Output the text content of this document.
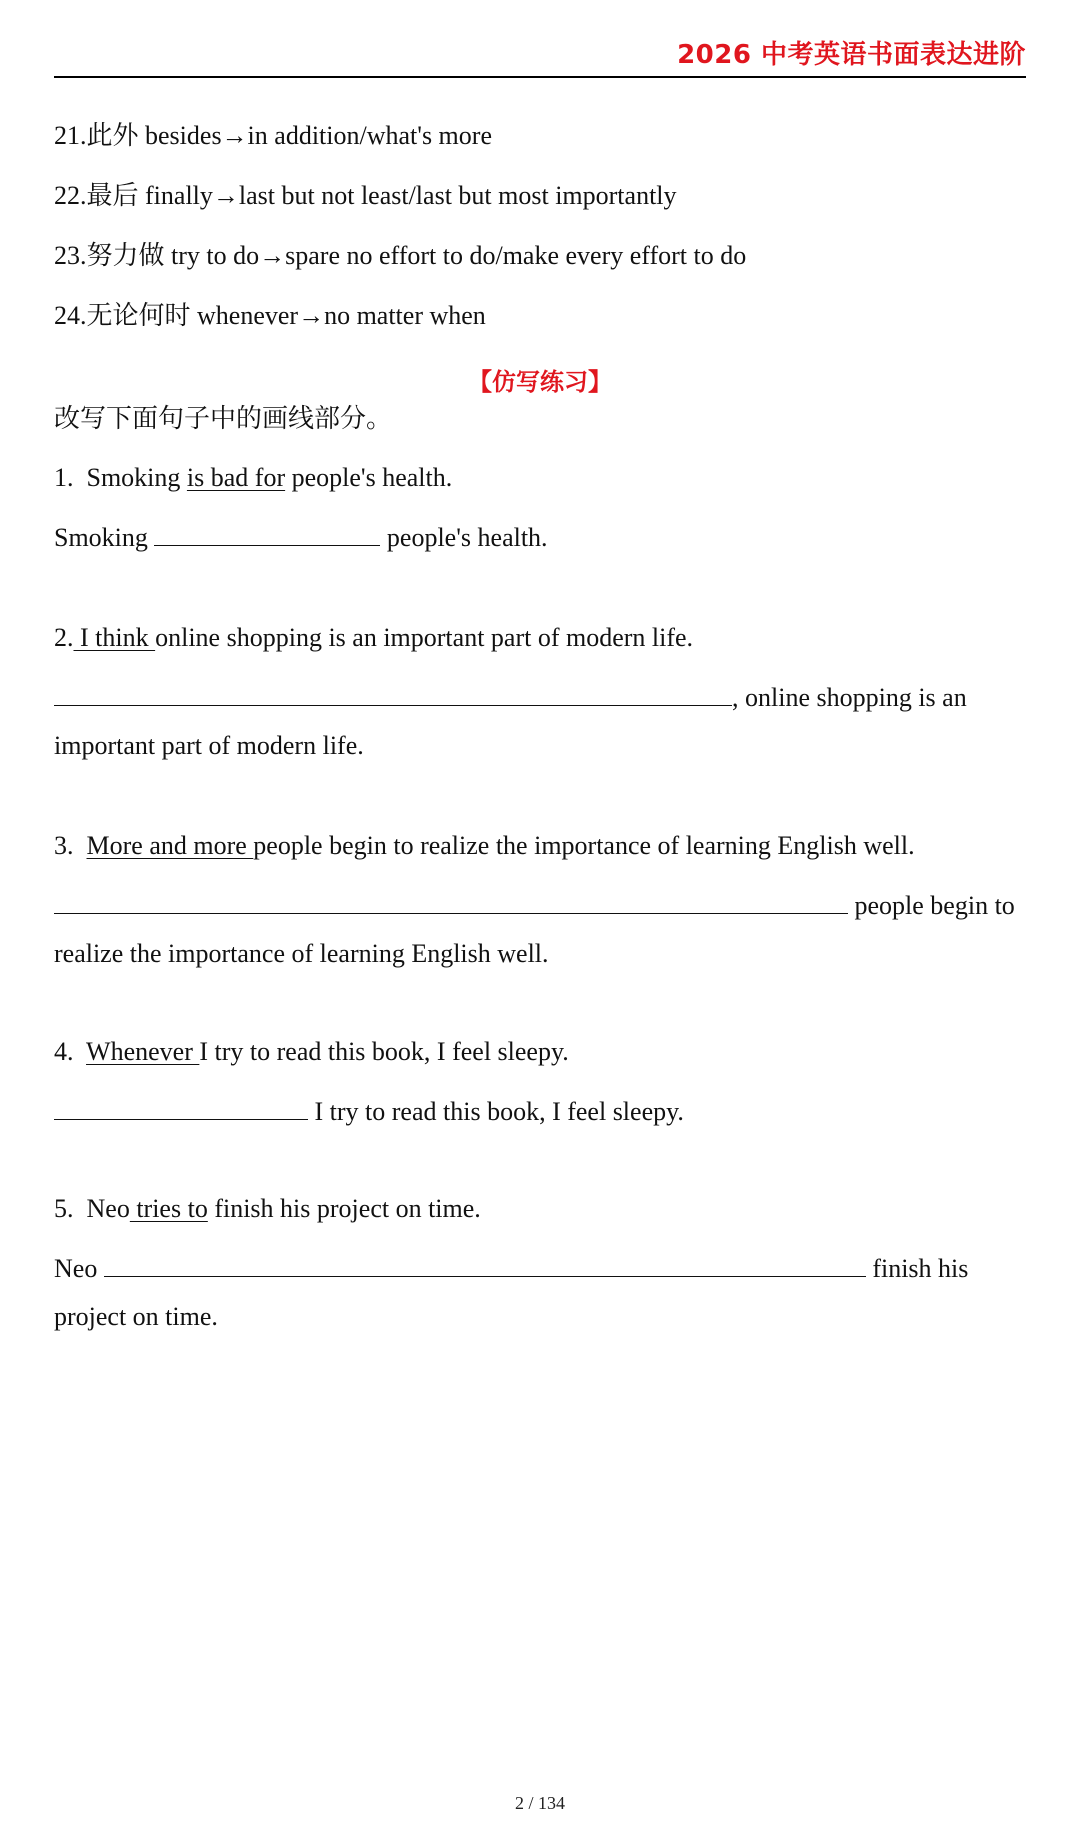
2026 中考英语书面表达进阶
21.此外 besides→in addition/what's more
22.最后 finally→last but not least/last but most importantly
23.努力做 try to do→spare no effort to do/make every effort to do
24.无论何时 whenever→no matter when
【仿写练习】
改写下面句子中的画线部分。
1. Smoking is bad for people's health.
Smoking	people's health.
2. I think online shopping is an important part of modern life.
, online shopping is an
important part of modern life.
3. More and more people begin to realize the importance of learning English well.
people begin to
realize the importance of learning English well.
4. Whenever I try to read this book, I feel sleepy.
I try to read this book, I feel sleepy.
5. Neo tries to finish his project on time.
Neo	finish his
project on time.
2 / 134
